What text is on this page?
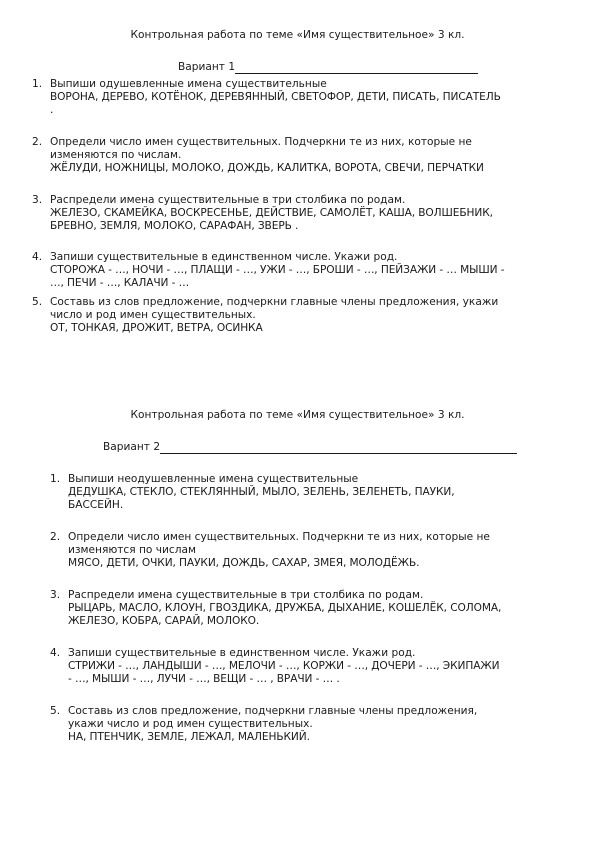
Контрольная работа по теме «Имя существительное» 3 кл.
Вариант 1
1. Выпиши одушевленные имена существительные
ВОРОНА, ДЕРЕВО, КОТЁНОК, ДЕРЕВЯННЫЙ, СВЕТОФОР, ДЕТИ, ПИСАТЬ, ПИСАТЕЛЬ
.
2. Определи число имен существительных. Подчеркни те из них, которые не
изменяются по числам.
ЖЁЛУДИ, НОЖНИЦЫ, МОЛОКО, ДОЖДЬ, КАЛИТКА, ВОРОТА, СВЕЧИ, ПЕРЧАТКИ
3. Распредели имена существительные в три столбика по родам.
ЖЕЛЕЗО, СКАМЕЙКА, ВОСКРЕСЕНЬЕ, ДЕЙСТВИЕ, САМОЛЁТ, КАША, ВОЛШЕБНИК,
БРЕВНО, ЗЕМЛЯ, МОЛОКО, САРАФАН, ЗВЕРЬ .
4. Запиши существительные в единственном числе. Укажи род.
СТОРОЖА - …, НОЧИ - …, ПЛАЩИ - …, УЖИ - …, БРОШИ - …, ПЕЙЗАЖИ - … МЫШИ -
…, ПЕЧИ - …, КАЛАЧИ - …
5. Составь из слов предложение, подчеркни главные члены предложения, укажи
число и род имен существительных.
ОТ, ТОНКАЯ, ДРОЖИТ, ВЕТРА, ОСИНКА
Контрольная работа по теме «Имя существительное» 3 кл.
Вариант 2
1. Выпиши неодушевленные имена существительные
ДЕДУШКА, СТЕКЛО, СТЕКЛЯННЫЙ, МЫЛО, ЗЕЛЕНЬ, ЗЕЛЕНЕТЬ, ПАУКИ,
БАССЕЙН.
2. Определи число имен существительных. Подчеркни те из них, которые не
изменяются по числам
МЯСО, ДЕТИ, ОЧКИ, ПАУКИ, ДОЖДЬ, САХАР, ЗМЕЯ, МОЛОДЁЖЬ.
3. Распредели имена существительные в три столбика по родам.
РЫЦАРЬ, МАСЛО, КЛОУН, ГВОЗДИКА, ДРУЖБА, ДЫХАНИЕ, КОШЕЛЁК, СОЛОМА,
ЖЕЛЕЗО, КОБРА, САРАЙ, МОЛОКО.
4. Запиши существительные в единственном числе. Укажи род.
СТРИЖИ - …, ЛАНДЫШИ - …, МЕЛОЧИ - …, КОРЖИ - …, ДОЧЕРИ - …, ЭКИПАЖИ
- …, МЫШИ - …, ЛУЧИ - …, ВЕЩИ - … , ВРАЧИ - … .
5. Составь из слов предложение, подчеркни главные члены предложения,
укажи число и род имен существительных.
НА, ПТЕНЧИК, ЗЕМЛЕ, ЛЕЖАЛ, МАЛЕНЬКИЙ.
